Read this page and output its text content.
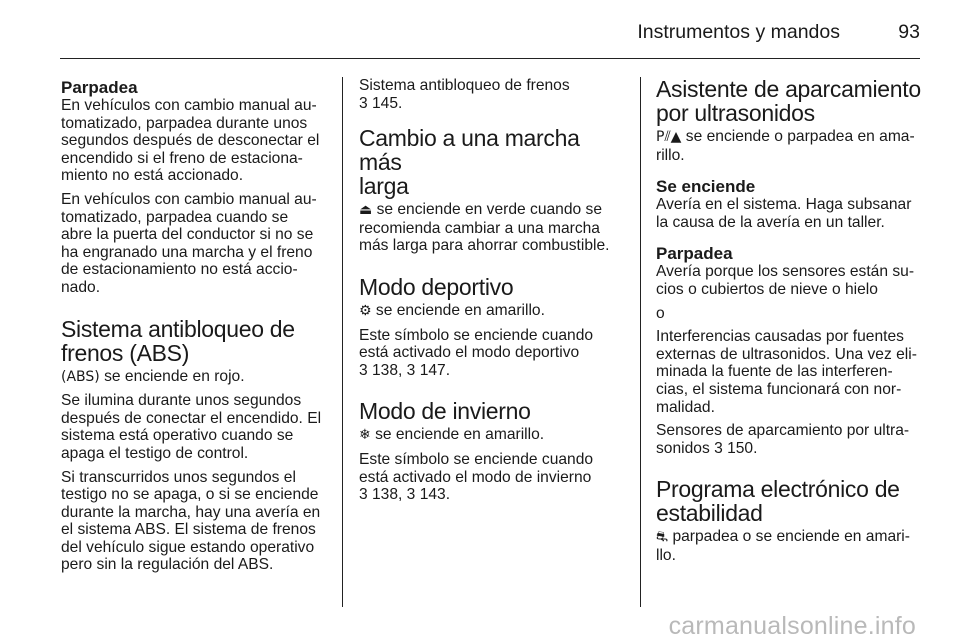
Instrumentos y mandos	93
Parpadea

En vehículos con cambio manual au-
tomatizado, parpadea durante unos
segundos después de desconectar el
encendido si el freno de estaciona-
miento no está accionado.

En vehículos con cambio manual au-
tomatizado, parpadea cuando se
abre la puerta del conductor si no se
ha engranado una marcha y el freno
de estacionamiento no está accio-
nado.

Sistema antibloqueo de
frenos (ABS)

(ABS) se enciende en rojo.

Se ilumina durante unos segundos
después de conectar el encendido. El
sistema está operativo cuando se
apaga el testigo de control.

Si transcurridos unos segundos el
testigo no se apaga, o si se enciende
durante la marcha, hay una avería en
el sistema ABS. El sistema de frenos
del vehículo sigue estando operativo
pero sin la regulación del ABS.

Sistema antibloqueo de frenos
3 145.

Cambio a una marcha más
larga

⏏ se enciende en verde cuando se
recomienda cambiar a una marcha
más larga para ahorrar combustible.

Modo deportivo

⚙ se enciende en amarillo.

Este símbolo se enciende cuando
está activado el modo deportivo
3 138, 3 147.

Modo de invierno

❄ se enciende en amarillo.

Este símbolo se enciende cuando
está activado el modo de invierno
3 138, 3 143.

Asistente de aparcamiento
por ultrasonidos

P⫽▲ se enciende o parpadea en ama-
rillo.

Se enciende

Avería en el sistema. Haga subsanar
la causa de la avería en un taller.

Parpadea

Avería porque los sensores están su-
cios o cubiertos de nieve o hielo

o

Interferencias causadas por fuentes
externas de ultrasonidos. Una vez eli-
minada la fuente de las interferen-
cias, el sistema funcionará con nor-
malidad.

Sensores de aparcamiento por ultra-
sonidos 3 150.

Programa electrónico de
estabilidad

⛐ parpadea o se enciende en amari-
llo.

carmanualsonline.info
